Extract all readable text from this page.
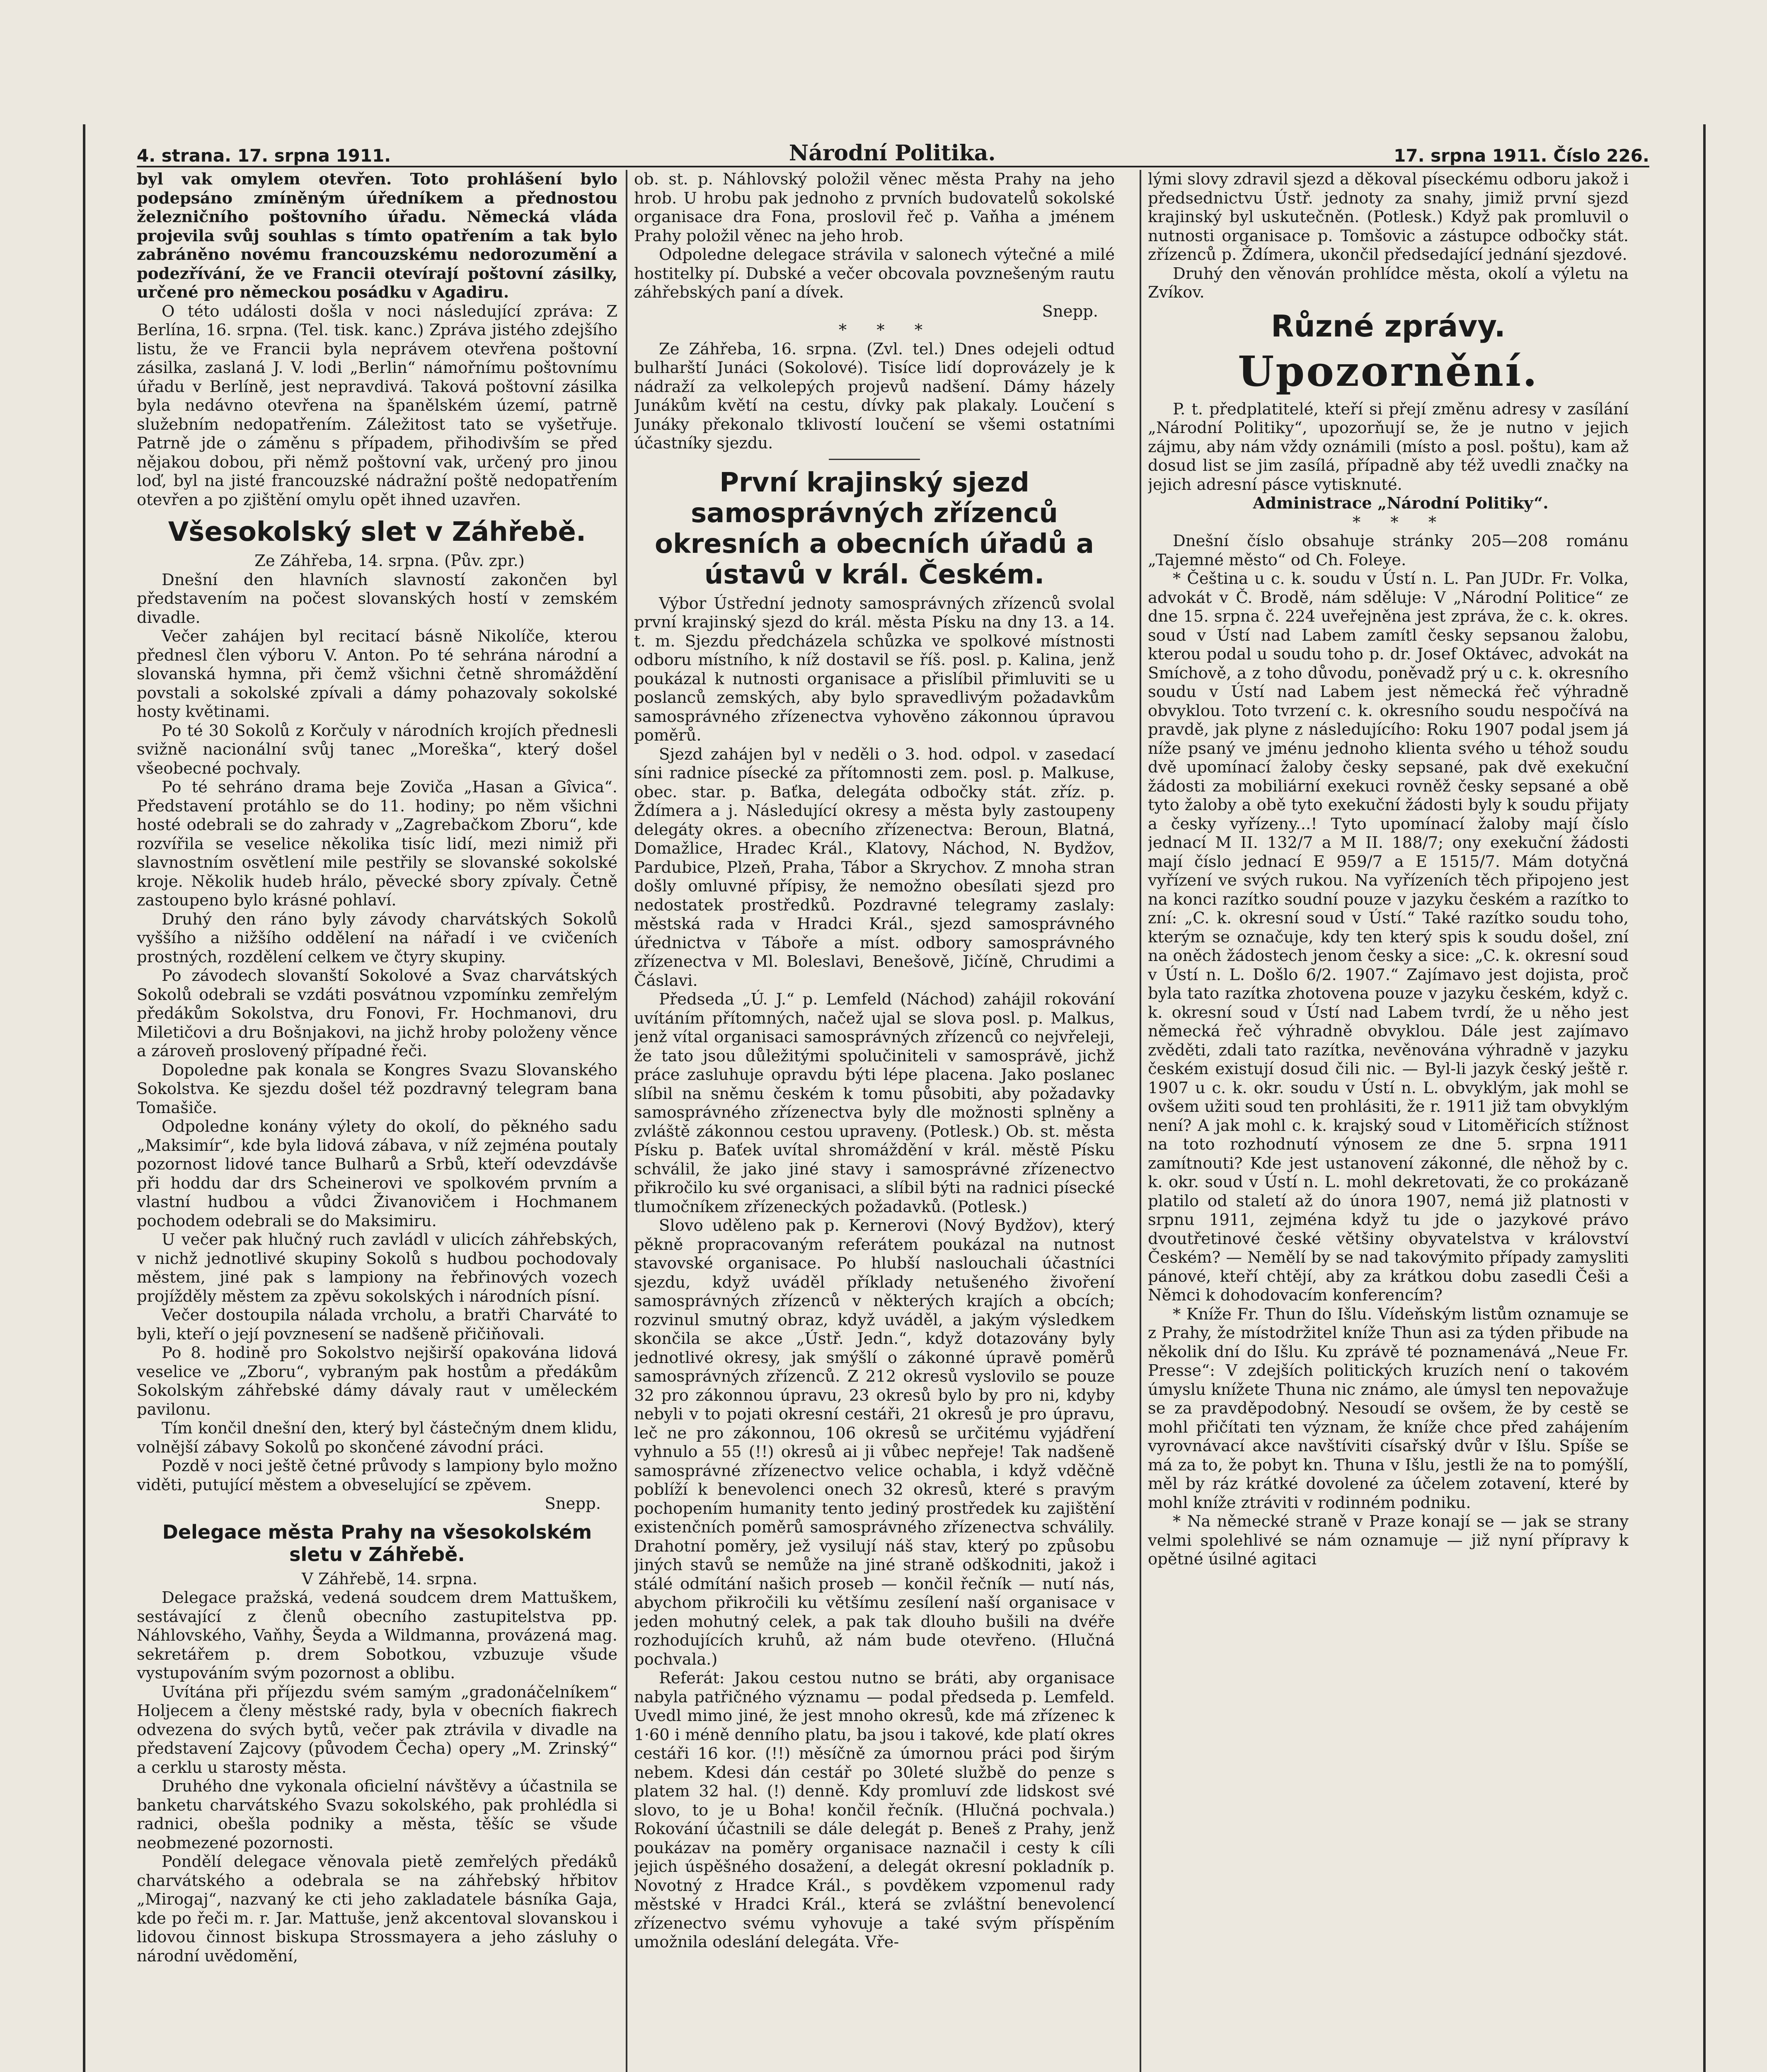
4. strana. 17. srpna 1911.	Národní Politika.	17. srpna 1911. Číslo 226.

byl vak omylem otevřen. Toto prohlášení bylo podepsáno zmíněným úředníkem a přednostou železničního poštovního úřadu. Německá vláda projevila svůj souhlas s tímto opatřením a tak bylo zabráněno novému francouzskému nedorozumění a podezřívání, že ve Francii otevírají poštovní zásilky, určené pro německou posádku v Agadiru.

O této události došla v noci následující zpráva: Z Berlína, 16. srpna. (Tel. tisk. kanc.) Zpráva jistého zdejšího listu, že ve Francii byla neprávem otevřena poštovní zásilka, zaslaná J. V. lodi „Berlin“ námořnímu poštovnímu úřadu v Berlíně, jest nepravdivá. Taková poštovní zásilka byla nedávno otevřena na španělském území, patrně služebním nedopatřením. Záležitost tato se vyšetřuje. Patrně jde o záměnu s případem, přihodivším se před nějakou dobou, při němž poštovní vak, určený pro jinou loď, byl na jisté francouzské nádražní poště nedopatřením otevřen a po zjištění omylu opět ihned uzavřen.

Všesokolský slet v Záhřebě.

Ze Záhřeba, 14. srpna. (Pův. zpr.)

Dnešní den hlavních slavností zakončen byl představením na počest slovanských hostí v zemském divadle.

Večer zahájen byl recitací básně Nikolíče, kterou přednesl člen výboru V. Anton. Po té sehrána národní a slovanská hymna, při čemž všichni četně shromáždění povstali a sokolské zpívali a dámy pohazovaly sokolské hosty květinami.

Po té 30 Sokolů z Korčuly v národních krojích přednesli svižně nacionální svůj tanec „Moreška“, který došel všeobecné pochvaly.

Po té sehráno drama beje Zoviča „Hasan a Gîvica“. Představení protáhlo se do 11. hodiny; po něm všichni hosté odebrali se do zahrady v „Zagrebačkom Zboru“, kde rozvířila se veselice několika tisíc lidí, mezi nimiž při slavnostním osvětlení mile pestřily se slovanské sokolské kroje. Několik hudeb hrálo, pěvecké sbory zpívaly. Četně zastoupeno bylo krásné pohlaví.

Druhý den ráno byly závody charvátských Sokolů vyššího a nižšího oddělení na nářadí i ve cvičeních prostných, rozdělení celkem ve čtyry skupiny.

Po závodech slovanští Sokolové a Svaz charvátských Sokolů odebrali se vzdáti posvátnou vzpomínku zemřelým předákům Sokolstva, dru Fonovi, Fr. Hochmanovi, dru Miletičovi a dru Bošnjakovi, na jichž hroby položeny věnce a zároveň proslovený případné řeči.

Dopoledne pak konala se Kongres Svazu Slovanského Sokolstva. Ke sjezdu došel též pozdravný telegram bana Tomašiče.

Odpoledne konány výlety do okolí, do pěkného sadu „Maksimír“, kde byla lidová zábava, v níž zejména poutaly pozornost lidové tance Bulharů a Srbů, kteří odevzdávše při hoddu dar drs Scheinerovi ve spolkovém prvním a vlastní hudbou a vůdci Živanovičem i Hochmanem pochodem odebrali se do Maksimiru.

U večer pak hlučný ruch zavládl v ulicích záhřebských, v nichž jednotlivé skupiny Sokolů s hudbou pochodovaly městem, jiné pak s lampiony na řebřinových vozech projížděly městem za zpěvu sokolských i národních písní.

Večer dostoupila nálada vrcholu, a bratři Charváté to byli, kteří o její povznesení se nadšeně přičiňovali.

Po 8. hodině pro Sokolstvo nejširší opakována lidová veselice ve „Zboru“, vybraným pak hostům a předákům Sokolským záhřebské dámy dávaly raut v uměleckém pavilonu.

Tím končil dnešní den, který byl částečným dnem klidu, volnější zábavy Sokolů po skončené závodní práci.

Pozdě v noci ještě četné průvody s lampiony bylo možno viděti, putující městem a obveselující se zpěvem.

Snepp.

Delegace města Prahy na všesokolském sletu v Záhřebě.

V Záhřebě, 14. srpna.

Delegace pražská, vedená soudcem drem Mattuškem, sestávající z členů obecního zastupitelstva pp. Náhlovského, Vaňhy, Šeyda a Wildmanna, provázená mag. sekretářem p. drem Sobotkou, vzbuzuje všude vystupováním svým pozornost a oblibu.

Uvítána při příjezdu svém samým „gradonáčelníkem“ Holjecem a členy městské rady, byla v obecních fiakrech odvezena do svých bytů, večer pak ztrávila v divadle na představení Zajcovy (původem Čecha) opery „M. Zrinský“ a cerklu u starosty města.

Druhého dne vykonala oficielní návštěvy a účastnila se banketu charvátského Svazu sokolského, pak prohlédla si radnici, obešla podniky a města, těšíc se všude neobmezené pozornosti.

Pondělí delegace věnovala pietě zemřelých předáků charvátského a odebrala se na záhřebský hřbitov „Mirogaj“, nazvaný ke cti jeho zakladatele básníka Gaja, kde po řeči m. r. Jar. Mattuše, jenž akcentoval slovanskou i lidovou činnost biskupa Strossmayera a jeho zásluhy o národní uvědomění,

ob. st. p. Náhlovský položil věnec města Prahy na jeho hrob. U hrobu pak jednoho z prvních budovatelů sokolské organisace dra Fona, proslovil řeč p. Vaňha a jménem Prahy položil věnec na jeho hrob.

Odpoledne delegace strávila v salonech výtečné a milé hostitelky pí. Dubské a večer obcovala povznešeným rautu záhřebských paní a dívek.

Snepp.

* * *

Ze Záhřeba, 16. srpna. (Zvl. tel.) Dnes odejeli odtud bulharští Junáci (Sokolové). Tisíce lidí doprovázely je k nádraží za velkolepých projevů nadšení. Dámy házely Junákům květí na cestu, dívky pak plakaly. Loučení s Junáky překonalo tklivostí loučení se všemi ostatními účastníky sjezdu.

První krajinský sjezd samosprávných zřízenců okresních a obecních úřadů a ústavů v král. Českém.

Výbor Ústřední jednoty samosprávných zřízenců svolal první krajinský sjezd do král. města Písku na dny 13. a 14. t. m. Sjezdu předcházela schůzka ve spolkové místnosti odboru místního, k níž dostavil se říš. posl. p. Kalina, jenž poukázal k nutnosti organisace a přislíbil přimluviti se u poslanců zemských, aby bylo spravedlivým požadavkům samosprávného zřízenectva vyhověno zákonnou úpravou poměrů.

Sjezd zahájen byl v neděli o 3. hod. odpol. v zasedací síni radnice písecké za přítomnosti zem. posl. p. Malkuse, obec. star. p. Baťka, delegáta odbočky stát. zříz. p. Ždímera a j. Následující okresy a města byly zastoupeny delegáty okres. a obecního zřízenectva: Beroun, Blatná, Domažlice, Hradec Král., Klatovy, Náchod, N. Bydžov, Pardubice, Plzeň, Praha, Tábor a Skrychov. Z mnoha stran došly omluvné přípisy, že nemožno obesílati sjezd pro nedostatek prostředků. Pozdravné telegramy zaslaly: městská rada v Hradci Král., sjezd samosprávného úřednictva v Táboře a míst. odbory samosprávného zřízenectva v Ml. Boleslavi, Benešově, Jičíně, Chrudimi a Čáslavi.

Předseda „Ú. J.“ p. Lemfeld (Náchod) zahájil rokování uvítáním přítomných, načež ujal se slova posl. p. Malkus, jenž vítal organisaci samosprávných zřízenců co nejvřeleji, že tato jsou důležitými spolučiniteli v samosprávě, jichž práce zasluhuje opravdu býti lépe placena. Jako poslanec slíbil na sněmu českém k tomu působiti, aby požadavky samosprávného zřízenectva byly dle možnosti splněny a zvláště zákonnou cestou upraveny. (Potlesk.) Ob. st. města Písku p. Baťek uvítal shromáždění v král. městě Písku schválil, že jako jiné stavy i samosprávné zřízenectvo přikročilo ku své organisaci, a slíbil býti na radnici písecké tlumočníkem zřízeneckých požadavků. (Potlesk.)

Slovo uděleno pak p. Kernerovi (Nový Bydžov), který pěkně propracovaným referátem poukázal na nutnost stavovské organisace. Po hlubší naslouchali účastníci sjezdu, když uváděl příklady netušeného živoření samosprávných zřízenců v některých krajích a obcích; rozvinul smutný obraz, když uváděl, a jakým výsledkem skončila se akce „Ústř. Jedn.“, když dotazovány byly jednotlivé okresy, jak smýšlí o zákonné úpravě poměrů samosprávných zřízenců. Z 212 okresů vyslovilo se pouze 32 pro zákonnou úpravu, 23 okresů bylo by pro ni, kdyby nebyli v to pojati okresní cestáři, 21 okresů je pro úpravu, leč ne pro zákonnou, 106 okresů se určitému vyjádření vyhnulo a 55 (!!) okresů ai ji vůbec nepřeje! Tak nadšeně samosprávné zřízenectvo velice ochabla, i když vděčně poblíží k benevolenci onech 32 okresů, které s pravým pochopením humanity tento jediný prostředek ku zajištění existenčních poměrů samosprávného zřízenectva schválily. Drahotní poměry, jež vysilují náš stav, který po způsobu jiných stavů se nemůže na jiné straně odškodniti, jakož i stálé odmítání našich proseb — končil řečník — nutí nás, abychom přikročili ku většímu zesílení naší organisace v jeden mohutný celek, a pak tak dlouho bušili na dvéře rozhodujících kruhů, až nám bude otevřeno. (Hlučná pochvala.)

Referát: Jakou cestou nutno se bráti, aby organisace nabyla patřičného významu — podal předseda p. Lemfeld. Uvedl mimo jiné, že jest mnoho okresů, kde má zřízenec k 1·60 i méně denního platu, ba jsou i takové, kde platí okres cestáři 16 kor. (!!) měsíčně za úmornou práci pod širým nebem. Kdesi dán cestář po 30leté službě do penze s platem 32 hal. (!) denně. Kdy promluví zde lidskost své slovo, to je u Boha! končil řečník. (Hlučná pochvala.) Rokování účastnili se dále delegát p. Beneš z Prahy, jenž poukázav na poměry organisace naznačil i cesty k cíli jejich úspěšného dosažení, a delegát okresní pokladník p. Novotný z Hradce Král., s povděkem vzpomenul rady městské v Hradci Král., která se zvláštní benevolencí zřízenectvo svému vyhovuje a také svým příspěním umožnila odeslání delegáta. Vře-

lými slovy zdravil sjezd a děkoval píseckému odboru jakož i předsednictvu Ústř. jednoty za snahy, jimiž první sjezd krajinský byl uskutečněn. (Potlesk.) Když pak promluvil o nutnosti organisace p. Tomšovic a zástupce odbočky stát. zřízenců p. Ždímera, ukončil předsedající jednání sjezdové.

Druhý den věnován prohlídce města, okolí a výletu na Zvíkov.

Různé zprávy.
Upozornění.

P. t. předplatitelé, kteří si přejí změnu adresy v zasílání „Národní Politiky“, upozorňují se, že je nutno v jejich zájmu, aby nám vždy oznámili (místo a posl. poštu), kam až dosud list se jim zasílá, případně aby též uvedli značky na jejich adresní pásce vytisknuté.

Administrace „Národní Politiky“.

* * *

Dnešní číslo obsahuje stránky 205—208 románu „Tajemné město“ od Ch. Foleye.

* Čeština u c. k. soudu v Ústí n. L. Pan JUDr. Fr. Volka, advokát v Č. Brodě, nám sděluje: V „Národní Politice“ ze dne 15. srpna č. 224 uveřejněna jest zpráva, že c. k. okres. soud v Ústí nad Labem zamítl česky sepsanou žalobu, kterou podal u soudu toho p. dr. Josef Oktávec, advokát na Smíchově, a z toho důvodu, poněvadž prý u c. k. okresního soudu v Ústí nad Labem jest německá řeč výhradně obvyklou. Toto tvrzení c. k. okresního soudu nespočívá na pravdě, jak plyne z následujícího: Roku 1907 podal jsem já níže psaný ve jménu jednoho klienta svého u téhož soudu dvě upomínací žaloby česky sepsané, pak dvě exekuční žádosti za mobiliární exekuci rovněž česky sepsané a obě tyto žaloby a obě tyto exekuční žádosti byly k soudu přijaty a česky vyřízeny...! Tyto upomínací žaloby mají číslo jednací M II. 132/7 a M II. 188/7; ony exekuční žádosti mají číslo jednací E 959/7 a E 1515/7. Mám dotyčná vyřízení ve svých rukou. Na vyřízeních těch připojeno jest na konci razítko soudní pouze v jazyku českém a razítko to zní: „C. k. okresní soud v Ústí.“ Také razítko soudu toho, kterým se označuje, kdy ten který spis k soudu došel, zní na oněch žádostech jenom česky a sice: „C. k. okresní soud v Ústí n. L. Došlo 6/2. 1907.“ Zajímavo jest dojista, proč byla tato razítka zhotovena pouze v jazyku českém, když c. k. okresní soud v Ústí nad Labem tvrdí, že u něho jest německá řeč výhradně obvyklou. Dále jest zajímavo zvěděti, zdali tato razítka, nevěnována výhradně v jazyku českém existují dosud čili nic. — Byl-li jazyk český ještě r. 1907 u c. k. okr. soudu v Ústí n. L. obvyklým, jak mohl se ovšem užiti soud ten prohlásiti, že r. 1911 již tam obvyklým není? A jak mohl c. k. krajský soud v Litoměřicích stížnost na toto rozhodnutí výnosem ze dne 5. srpna 1911 zamítnouti? Kde jest ustanovení zákonné, dle něhož by c. k. okr. soud v Ústí n. L. mohl dekretovati, že co prokázaně platilo od staletí až do února 1907, nemá již platnosti v srpnu 1911, zejména když tu jde o jazykové právo dvoutřetinové české většiny obyvatelstva v království Českém? — Nemělí by se nad takovýmito případy zamysliti pánové, kteří chtějí, aby za krátkou dobu zasedli Češi a Němci k dohodovacím konferencím?

* Kníže Fr. Thun do Išlu. Vídeňským listům oznamuje se z Prahy, že místodržitel kníže Thun asi za týden přibude na několik dní do Išlu. Ku zprávě té poznamenává „Neue Fr. Presse“: V zdejších politických kruzích není o takovém úmyslu knížete Thuna nic známo, ale úmysl ten nepovažuje se za pravděpodobný. Nesoudí se ovšem, že by cestě se mohl přičítati ten význam, že kníže chce před zahájením vyrovnávací akce navštíviti císařský dvůr v Išlu. Spíše se má za to, že pobyt kn. Thuna v Išlu, jestli že na to pomýšlí, měl by ráz krátké dovolené za účelem zotavení, které by mohl kníže ztráviti v rodinném podniku.

* Na německé straně v Praze konají se — jak se strany velmi spolehlivé se nám oznamuje — již nyní přípravy k opětné úsilné agitaci
